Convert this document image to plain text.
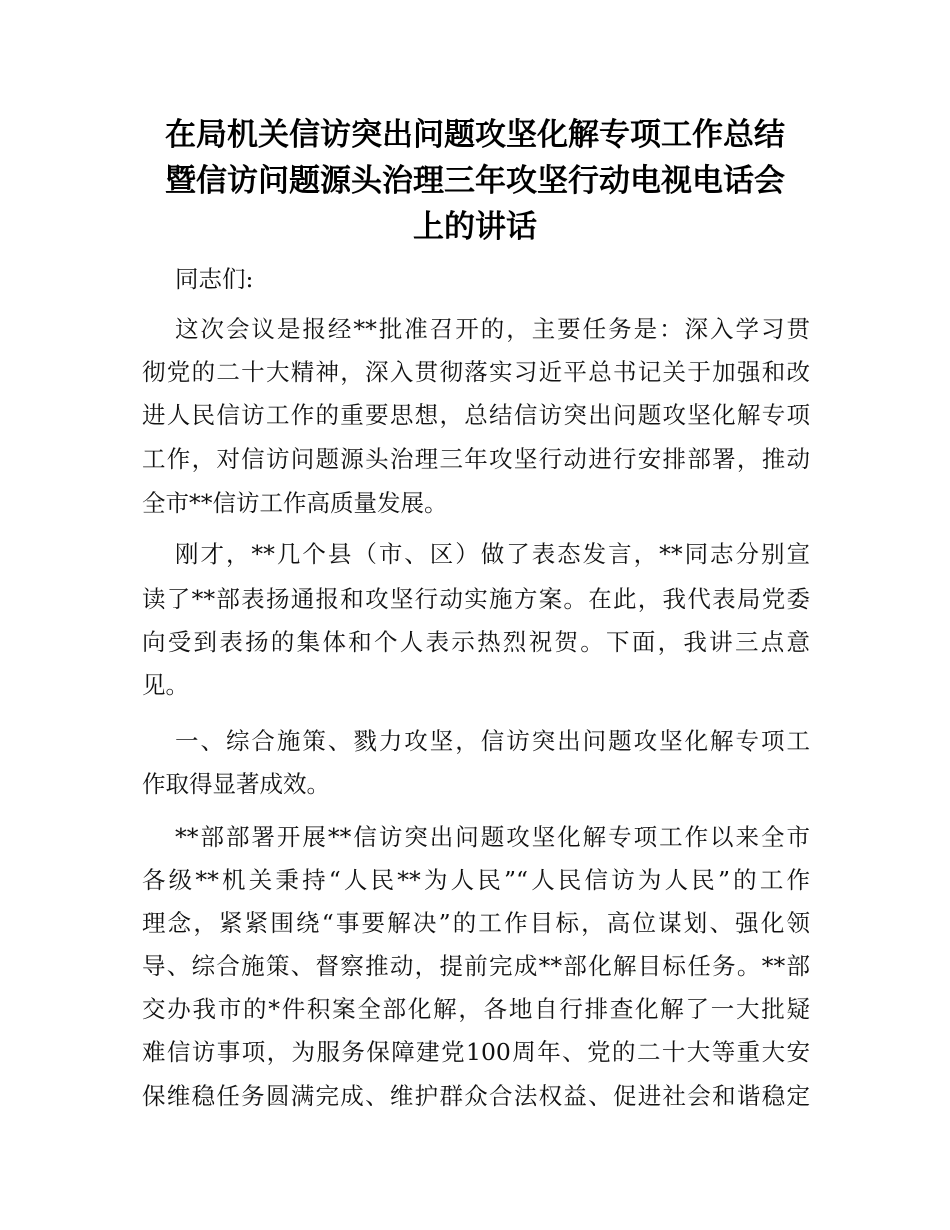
在局机关信访突出问题攻坚化解专项工作总结
暨信访问题源头治理三年攻坚行动电视电话会
上的讲话

同志们:

这次会议是报经**批准召开的，主要任务是：深入学习贯

彻党的二十大精神，深入贯彻落实习近平总书记关于加强和改

进人民信访工作的重要思想，总结信访突出问题攻坚化解专项

工作，对信访问题源头治理三年攻坚行动进行安排部署，推动

全市**信访工作高质量发展。

刚才，**几个县（市、区）做了表态发言，**同志分别宣

读了**部表扬通报和攻坚行动实施方案。在此，我代表局党委

向受到表扬的集体和个人表示热烈祝贺。下面，我讲三点意

见。

一、综合施策、戮力攻坚，信访突出问题攻坚化解专项工

作取得显著成效。

**部部署开展**信访突出问题攻坚化解专项工作以来全市

各级**机关秉持“人民**为人民”“人民信访为人民”的工作

理念，紧紧围绕“事要解决”的工作目标，高位谋划、强化领

导、综合施策、督察推动，提前完成**部化解目标任务。**部

交办我市的*件积案全部化解，各地自行排查化解了一大批疑

难信访事项，为服务保障建党100周年、党的二十大等重大安

保维稳任务圆满完成、维护群众合法权益、促进社会和谐稳定
